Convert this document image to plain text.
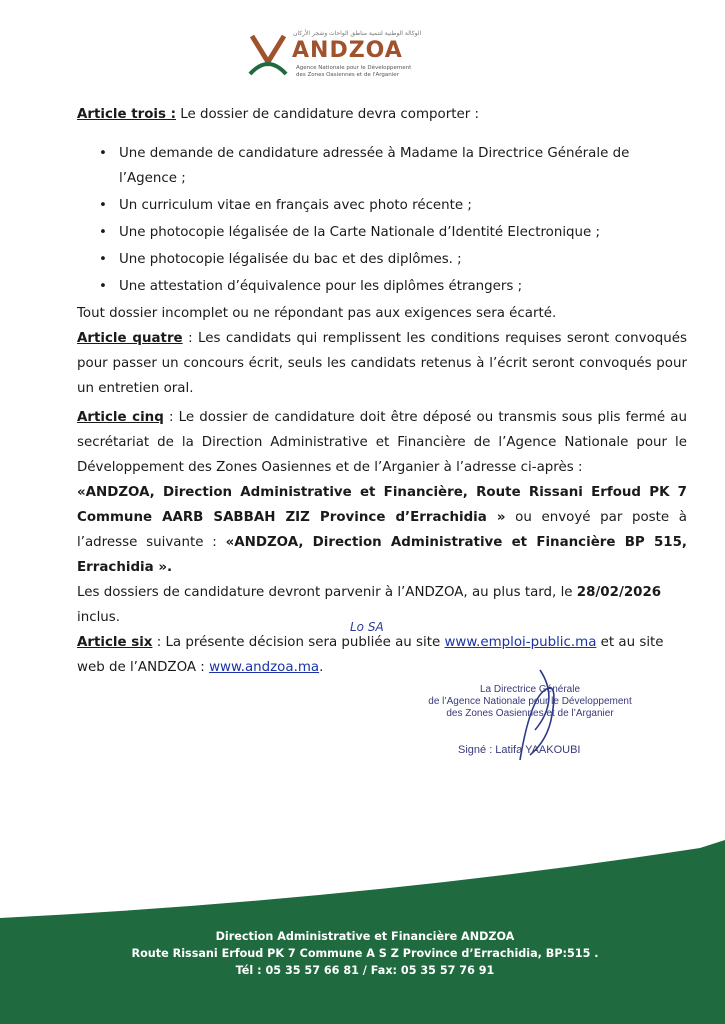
الوكالة الوطنية لتنمية مناطق الواحات وشجر الأركان
ANDZOA
Agence Nationale pour le Développement
des Zones Oasiennes et de l'Arganier

Article trois : Le dossier de candidature devra comporter :

• Une demande de candidature adressée à Madame la Directrice Générale de l’Agence ;
• Un curriculum vitae en français avec photo récente ;
• Une photocopie légalisée de la Carte Nationale d’Identité Electronique ;
• Une photocopie légalisée du bac et des diplômes. ;
• Une attestation d’équivalence pour les diplômes étrangers ;

Tout dossier incomplet ou ne répondant pas aux exigences sera écarté.

Article quatre : Les candidats qui remplissent les conditions requises seront convoqués pour passer un concours écrit, seuls les candidats retenus à l’écrit seront convoqués pour un entretien oral.

Article cinq : Le dossier de candidature doit être déposé ou transmis sous plis fermé au secrétariat de la Direction Administrative et Financière de l’Agence Nationale pour le Développement des Zones Oasiennes et de l’Arganier à l’adresse ci-après :

«ANDZOA, Direction Administrative et Financière, Route Rissani Erfoud PK 7 Commune AARB SABBAH ZIZ Province d’Errachidia » ou envoyé par poste à l’adresse suivante : «ANDZOA, Direction Administrative et Financière BP 515, Errachidia ».

Les dossiers de candidature devront parvenir à l’ANDZOA, au plus tard, le 28/02/2026 inclus.

Article six : La présente décision sera publiée au site www.emploi-public.ma et au site web de l’ANDZOA : www.andzoa.ma.

Lo SA
La Directrice Générale
de l’Agence Nationale pour le Développement
des Zones Oasiennes et de l’Arganier
Signé : Latifa YAAKOUBI
Direction Administrative et Financière ANDZOA
Route Rissani Erfoud PK 7 Commune A S Z Province d’Errachidia, BP:515 .
Tél : 05 35 57 66 81 / Fax: 05 35 57 76 91
